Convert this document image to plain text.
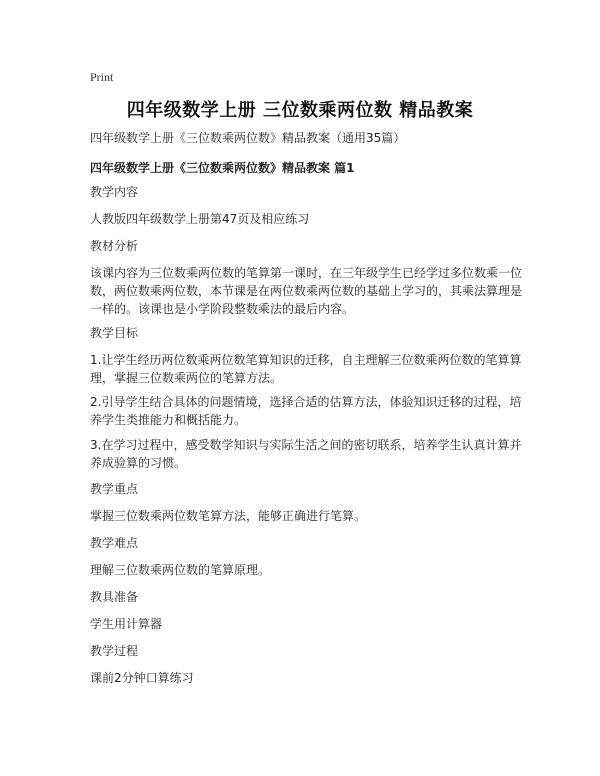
Print
四年级数学上册 三位数乘两位数 精品教案
四年级数学上册《三位数乘两位数》精品教案（通用35篇）
四年级数学上册《三位数乘两位数》精品教案 篇1
教学内容
人教版四年级数学上册第47页及相应练习
教材分析
该课内容为三位数乘两位数的笔算第一课时，在三年级学生已经学过多位数乘一位
数，两位数乘两位数，本节课是在两位数乘两位数的基础上学习的，其乘法算理是
一样的。该课也是小学阶段整数乘法的最后内容。
教学目标
1.让学生经历两位数乘两位数笔算知识的迁移，自主理解三位数乘两位数的笔算算
理，掌握三位数乘两位的笔算方法。
2.引导学生结合具体的问题情境，选择合适的估算方法，体验知识迁移的过程，培
养学生类推能力和概括能力。
3.在学习过程中，感受数学知识与实际生活之间的密切联系，培养学生认真计算并
养成验算的习惯。
教学重点
掌握三位数乘两位数笔算方法，能够正确进行笔算。
教学难点
理解三位数乘两位数的笔算原理。
教具准备
学生用计算器
教学过程
课前2分钟口算练习
